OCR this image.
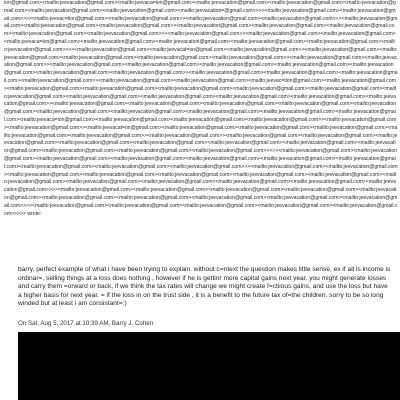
ion@gmail.com><mailto:jeevacation@gmail.com><mailto:jeevaca=ion@gmail.com><mailto:jeevacation@gmail.com><mailto:jeevacation@gmail.com><mailto:jeevacation@gmail.com><mailto:jeevacation@gmail.com><mailto:jeevacation@gmail.com><mailto:jeevacation=@gmail.com>>>><mailto:jeevacation@gmail.com><mailto:jeevacation@gmail.com>>>><mailto:jeevac=tion@gmail.com><mailto:jeevacation@gmail.com>><mailto:jeevacation@gmail.com><mailto:jeevacation@gmail.com>>><mailto:jeevacation@gmail.com><mailto:jeevacation@gmail.com><mailto:jeevacation@gmail.com>><mailto:jeevacation@gmail.com><mailto:jeevacation@gmail.com><mailto:jeevacation@gmail.com><mailto:jeevacation@gmail.com><mailto:jeevacation@gmail.com>>><mailto:jeevacation@gmail.com>><mailto:jeevacation@gmail.com><mailto:jeevacation@gmail.com><mailto:jeevaca=ion@gmail.com><mailto:jeevacation@gmail.com><mailto:jeevacation@gmail.com><mailto:jeevacation@gmail.com><mailto:jeevacation@gmail.com><mailto:jeevacation@gmail.com>>>><mailto:jeevacation@gmail.com><mailto:jeevacat=on@gmail.com><mailto:jeevacation@gmail.com>><mailto:jeevacation@gmail.com><mailto:jeevacation@gmail.com><mailto:jeevacation@gmail.com><mailto:jeevacation@gmail.com><mailto:jeevacation@gmail.com>><mailto:jeevacation@gmail.com><mailto:jeevacation@gmail.com>><mailto:jeevacation@gmail.com><mailto:jeevacation@gmail.com><mailto:jeevacation@gmail.com><mailto:jeevacation@gmail.com><mailto:jeevacation@gmail.com><mailto:jeevacation@gmail.com><mailto:jeevacation@gmail.com>><mailto:jeevacation@gmail.com><mailto:jeevacation@gmail.com><mailto:jeevacation@gmail.com><mailto:jeevacation@gmail.com>><mailto:jeevacation@gmail.com><mailto:jeevacation@gmail.com><mailto:jeevac=tion@gmail.com><mailto:jeevacation@gmail.com><mailto:jeevacation@gmail.com><mailto:jeevacation@gmail.com><mailto:jeevacation@gmail.com><mailto:jeevacation@gmail.com><mailto:jeevacation@gmail.com><mailto:jeevacation@gmail.com><mailto:jeevacation@gmail.com><mailto:jeevacation@gmail.com><mailto:jeevacation@gmail.com><mailto:jeevacation@gmail.com><mailto:jeevacation@gmail.com>><mailto:jeevacation@gmail.com><mailto:jeevacation@gmail.com><mailto:jeevacation@gmail.com><mailto:jeevacation@gmail.com><mailto:jeevacation@gmail.com><mailto:jeevacation@gmail.com><mailto:jeevacation@gmail.com><mailto:jeevacation@gmail.com><mailto:jeevacation@gmail.com><mailto:jeevacation@gmail.com><mailto:jeevaca=ion@gmail.com><mailto:jeevacation@gmail.com><mailto:jeevacation@gmail.com><mailto:jeevacation@gmail.com>><mailto:jeevacation@gmail.com><mailto:jeevacation@gmail.com>><mailto:jeevacat=on@gmail.com><mailto:jeevacation@gmail.com><mailto:jeevacation@gmail.com><mailto:jeevacation@gmail.com><mailto:jeevacation@gmail.com><mailto:jeevacation@gmail.com>><mailto:jeevacation@gmail.com>><mailto:jeevacation@gmail.com><mailto:jeevacation@gmail.com><mailto:jeevacation@gmail.com><mailto:jeevacation@gmail.com><mailto:jeevacation@gmail.com><mailto:jeevacation@gmail.com><mailto:jeevacation@gmail.com><mailto:jeevacation@gmail.com><mailto:jeevacation@gmail.com><mailto:jeevacation@gmail.com><mailto:jeevacation@gmail.com>>>>><mailto:jeevacation@gmail.com><mailto:jeevacation@gmail.com><mailto:jeevacation@gmail.com><mailto:jeevacation@gmail.com><mailto:jeevacation@gmail.com><mailto:jeevacation@gmail.com><mailto:jeevacation@gmail.com><mailto:jeevacation@gmail.com><mailto:jeevacation@gmail.com><mailto:jeevacation@gmail.com>>><mailto:jeevacation@gmail.com><mailto:jeevacation@gmail.com><mailto:jeevacation@gmail.com><mailto:jeevacation@gmail.com><mailto:jeevacation@gmail.com><mailto:jeevacation@gmail.com><mailto:jeevacation@gmail.com><mailto:jeevacation@gmail.com><mailto:jeevacation@gmail.com><mailto:jeevacation@gmail.com><mailto:jeevacation@gmail.com><mailto:jeevacation@gmail.com><mailto:jeevacation@gmail.com>>>><mailto:jeevacation@gmail.com><mailto:jeevacation@gmail.com><mailto:jeevacation@gmail.com><mailto:jeevacation@gmail.com><mailto:jeevacation@gmail.com><mailto:jeevacation@gmail.com><mailto:jeevacation@gmail.com><mailto:jeevacation@gmail.com><mailto:jeevacation@gmail.com><mailto:jeevacation@gmail.com>>>><mailto:jeevacation@gmail.com><mailto:jeevacation@gmail.com><mailto:jeevacation@gmail.com><mailto:jeevacation@gmail.com><mailto:jeevacation@gmail.com>>>>> wrote:

barry, perfect example of what i have been trying to explain. without c=ntext the question makes little sense. ex if all is income is ordinar=, selling things at a loss does nothing , however if he is gettinr more capital gains next year. you might generate losses and carry them =orward or back, if we think the tax rates will change we might create f=ctiious gains, and use the loss but have a higher basis for next year. = if the loss in on the trust side , it is a benefit to the future tax of=the children. sorry to be so long winded but at least i am consistant=:)

On Sat, Aug 5, 2017 at 10:39 AM, Barry J. Cohen
